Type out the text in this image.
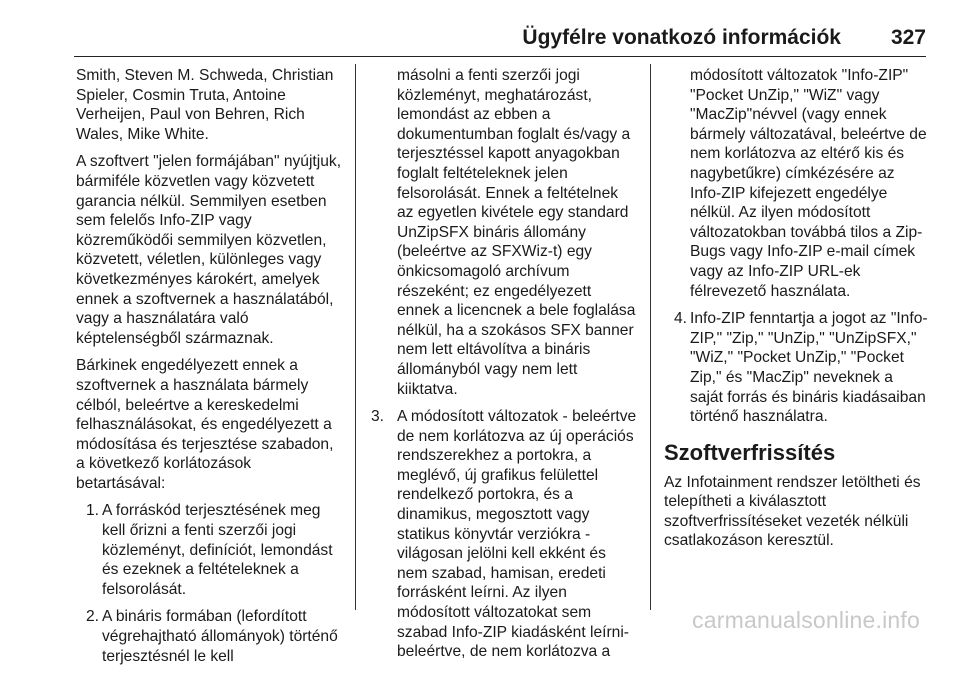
Ügyfélre vonatkozó információk 327

Smith, Steven M. Schweda, Christian Spieler, Cosmin Truta, Antoine Verheijen, Paul von Behren, Rich Wales, Mike White.

A szoftvert "jelen formájában" nyújtjuk, bármiféle közvetlen vagy közvetett garancia nélkül. Semmilyen esetben sem felelős Info-ZIP vagy közreműködői semmilyen közvetlen, közvetett, véletlen, különleges vagy következményes károkért, amelyek ennek a szoftvernek a használatából, vagy a használatára való képtelenségből származnak.

Bárkinek engedélyezett ennek a szoftvernek a használata bármely célból, beleértve a kereskedelmi felhasználásokat, és engedélyezett a módosítása és terjesztése szabadon, a következő korlátozások betartásával:

1. A forráskód terjesztésének meg kell őrizni a fenti szerzői jogi közleményt, definíciót, lemondást és ezeknek a feltételeknek a felsorolását.
2. A bináris formában (lefordított végrehajtható állományok) történő terjesztésnél le kell

másolni a fenti szerzői jogi közleményt, meghatározást, lemondást az ebben a dokumentumban foglalt és/vagy a terjesztéssel kapott anyagokban foglalt feltételeknek jelen felsorolását. Ennek a feltételnek az egyetlen kivétele egy standard UnZipSFX bináris állomány (beleértve az SFXWiz-t) egy önkicsomagoló archívum részeként; ez engedélyezett ennek a licencnek a bele foglalása nélkül, ha a szokásos SFX banner nem lett eltávolítva a bináris állományból vagy nem lett kiiktatva.

3. A módosított változatok - beleértve de nem korlátozva az új operációs rendszerekhez a portokra, a meglévő, új grafikus felülettel rendelkező portokra, és a dinamikus, megosztott vagy statikus könyvtár verziókra - világosan jelölni kell ekként és nem szabad, hamisan, eredeti forrásként leírni. Az ilyen módosított változatokat sem szabad Info-ZIP kiadásként leírni- beleértve, de nem korlátozva a

módosított változatok "Info-ZIP" "Pocket UnZip," "WiZ" vagy "MacZip"névvel (vagy ennek bármely változatával, beleértve de nem korlátozva az eltérő kis és nagybetűkre) címkézésére az Info-ZIP kifejezett engedélye nélkül. Az ilyen módosított változatokban továbbá tilos a Zip-Bugs vagy Info-ZIP e-mail címek vagy az Info-ZIP URL-ek félrevezető használata.

4. Info-ZIP fenntartja a jogot az "Info-ZIP," "Zip," "UnZip," "UnZipSFX," "WiZ," "Pocket UnZip," "Pocket Zip," és "MacZip" neveknek a saját forrás és bináris kiadásaiban történő használatra.
Szoftverfrissítés

Az Infotainment rendszer letöltheti és telepítheti a kiválasztott szoftverfrissítéseket vezeték nélküli csatlakozáson keresztül.

carmanualsonline.info
